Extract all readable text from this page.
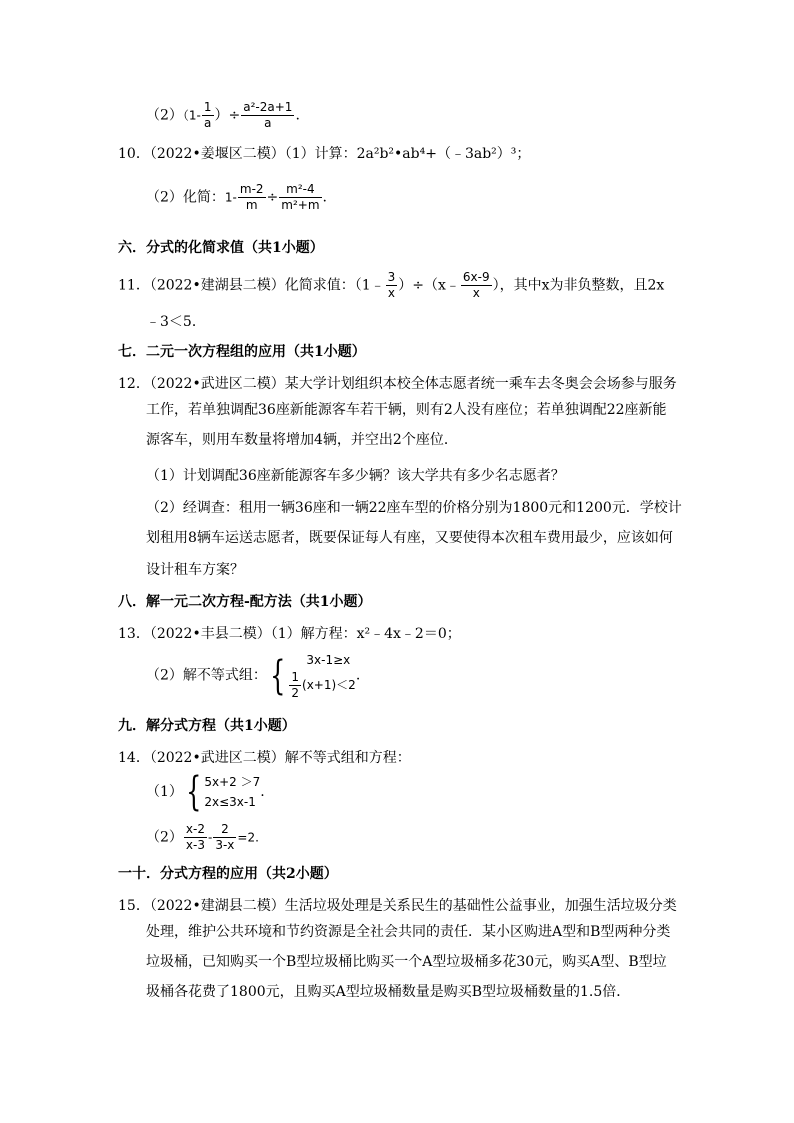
$(2)(1- \frac{1}{a}$ ）÷ $\frac{\text{a²-2a+1}}{a}$ .
10．（2022•姜堰区二模）（1）计算：2a²b²•ab⁴+（﹣3ab²）³；
（2）化简：$1- \frac{m-2}{m} \div \frac{\text{m²-4}}{\text{m²+m}}$ .
六．分式的化简求值（共1小题）
11．（2022•建湖县二模）化简求值：（1﹣ $\frac{3}{x}$ ）÷（x﹣ $\frac{6x-9}{x}$ ），其中x为非负整数，且2x
﹣3＜5．
七．二元一次方程组的应用（共1小题）
12．（2022•武进区二模）某大学计划组织本校全体志愿者统一乘车去冬奥会会场参与服务
工作，若单独调配36座新能源客车若干辆，则有2人没有座位；若单独调配22座新能源客车，则用车数量将增加4辆，并空出2个座位．
（1）计划调配36座新能源客车多少辆？该大学共有多少名志愿者？
（2）经调查：租用一辆36座和一辆22座车型的价格分别为1800元和1200元．学校计
划租用8辆车运送志愿者，既要保证每人有座，又要使得本次租车费用最少，应该如何
设计租车方案？
八．解一元二次方程-配方法（共1小题）
13．（2022•丰县二模）（1）解方程：x²﹣4x﹣2＝0；
（2）解不等式组：{	3x-1≥x
$\frac{1}{2} (x+1)<2$
.
九．解分式方程（共1小题）
14．（2022•武进区二模）解不等式组和方程：
（1）{ 5x+2 ＞7
2x≤3x-1
.
$(2) \frac{x-2}{x-3} - \frac{2}{3-x} =2$.
一十．分式方程的应用（共2小题）
15．（2022•建湖县二模）生活垃圾处理是关系民生的基础性公益事业，加强生活垃圾分类
处理，维护公共环境和节约资源是全社会共同的责任．某小区购进A型和B型两种分类垃圾桶，已知购买一个B型垃圾桶比购买一个A型垃圾桶多花30元，购买A型、B型垃圾桶各花费了1800元，且购买A型垃圾桶数量是购买B型垃圾桶数量的1.5倍．
